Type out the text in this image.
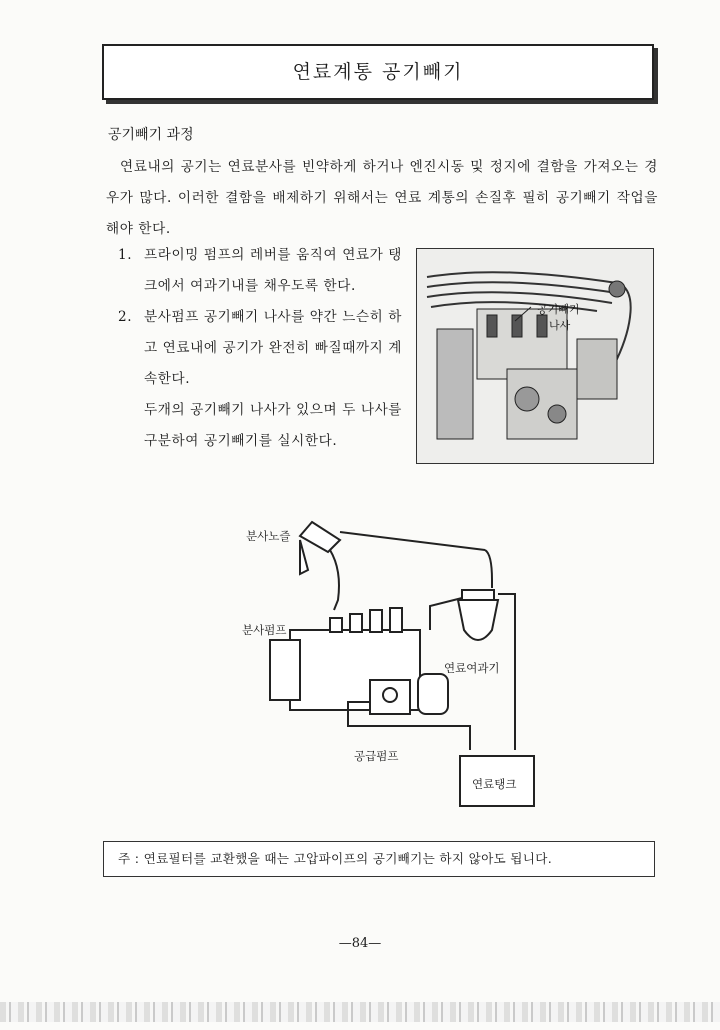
연료계통 공기빼기
공기빼기 과정
연료내의 공기는 연료분사를 빈약하게 하거나 엔진시동 및 정지에 결함을 가져오는 경우가 많다. 이러한 결함을 배제하기 위해서는 연료 계통의 손질후 필히 공기빼기 작업을 해야 한다.
1. 프라이밍 펌프의 레버를 움직여 연료가 탱크에서 여과기내를 채우도록 한다.
2. 분사펌프 공기빼기 나사를 약간 느슨히 하고 연료내에 공기가 완전히 빠질때까지 계속한다.
두개의 공기빼기 나사가 있으며 두 나사를 구분하여 공기빼기를 실시한다.
공기빼기
나사
분사노즐
분사펌프
연료여과기
공급펌프
연료탱크
주 : 연료필터를 교환했을 때는 고압파이프의 공기빼기는 하지 않아도 됩니다.
—84—
